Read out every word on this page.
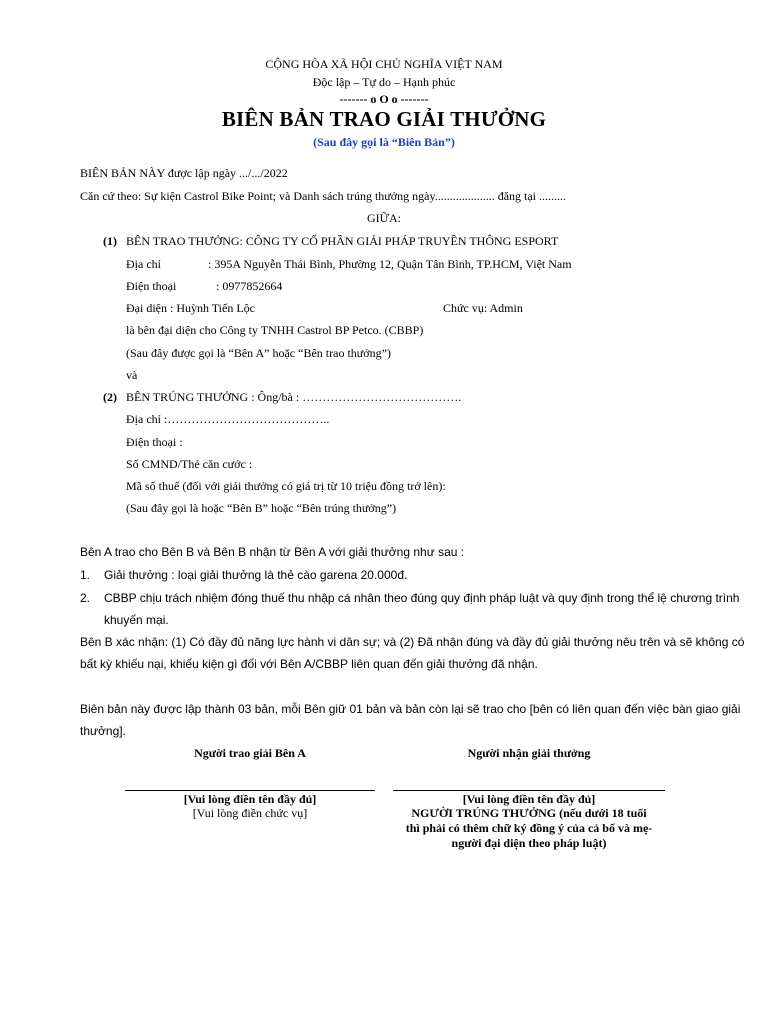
CỘNG HÒA XÃ HỘI CHỦ NGHĨA VIỆT NAM
Độc lập – Tự do – Hạnh phúc
------- o O o -------
BIÊN BẢN TRAO GIẢI THƯỞNG
(Sau đây gọi là “Biên Bản”)
BIÊN BẢN NÀY được lập ngày .../.../2022
Căn cứ theo: Sự kiện Castrol Bike Point; và Danh sách trúng thưởng ngày.................... đăng tại .........
GIỮA:
(1) BÊN TRAO THƯỞNG: CÔNG TY CỔ PHẦN GIẢI PHÁP TRUYỀN THÔNG ESPORT
Địa chỉ	: 395A Nguyễn Thái Bình, Phường 12, Quận Tân Bình, TP.HCM, Việt Nam
Điện thoại	: 0977852664
Đại diện : Huỳnh Tiến Lộc	Chức vụ: Admin
là bên đại diện cho Công ty TNHH Castrol BP Petco. (CBBP)
(Sau đây được gọi là “Bên A” hoặc “Bên trao thưởng”)
và
(2) BÊN TRÚNG THƯỞNG : Ông/bà : ………………………………….
Địa chỉ :…………………………………..
Điện thoại :
Số CMND/Thẻ căn cước :
Mã số thuế (đối với giải thưởng có giá trị từ 10 triệu đồng trở lên):
(Sau đây gọi là hoặc “Bên B” hoặc “Bên trúng thưởng”)
Bên A trao cho Bên B và Bên B nhận từ Bên A với giải thưởng như sau :
1. Giải thưởng : loại giải thưởng là thẻ cào garena 20.000đ.
2. CBBP chịu trách nhiệm đóng thuế thu nhập cá nhân theo đúng quy định pháp luật và quy định trong thể lệ chương trình
khuyến mại.
Bên B xác nhận: (1) Có đầy đủ năng lực hành vi dân sự; và (2) Đã nhận đúng và đầy đủ giải thưởng nêu trên và sẽ không có
bất kỳ khiếu nại, khiếu kiện gì đối với Bên A/CBBP liên quan đến giải thưởng đã nhận.
Biên bản này được lập thành 03 bản, mỗi Bên giữ 01 bản và bản còn lại sẽ trao cho [bên có liên quan đến việc bàn giao giải
thưởng].
Người trao giải Bên A	Người nhận giải thưởng
[Vui lòng điền tên đầy đủ]
[Vui lòng điền chức vụ]
[Vui lòng điền tên đầy đủ]
NGƯỜI TRÚNG THƯỞNG (nếu dưới 18 tuổi
thì phải có thêm chữ ký đồng ý của cả bố và mẹ-
người đại diện theo pháp luật)
